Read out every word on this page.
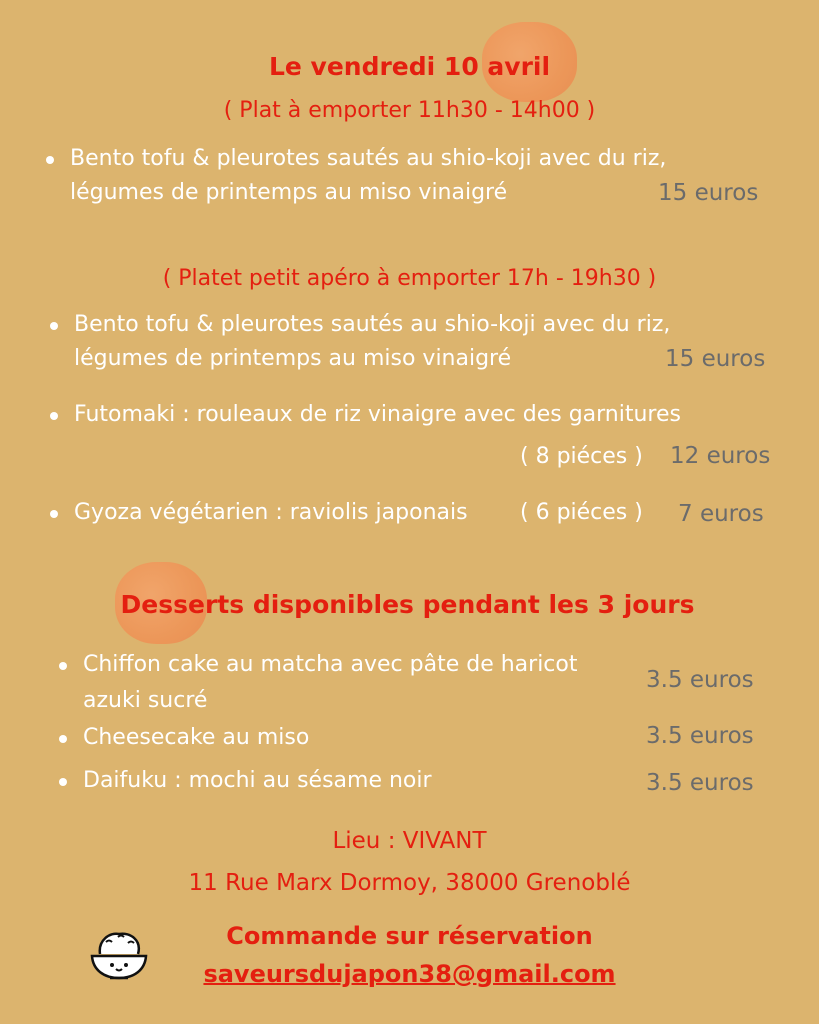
Le vendredi 10 avril
( Plat à emporter 11h30 - 14h00 )
Bento tofu & pleurotes sautés au shio-koji avec du riz,
légumes de printemps au miso vinaigré	15 euros
( Platet petit apéro à emporter 17h - 19h30 )
Bento tofu & pleurotes sautés au shio-koji avec du riz,
légumes de printemps au miso vinaigré	15 euros
Futomaki : rouleaux de riz vinaigre avec des garnitures
( 8 piéces ) 12 euros
Gyoza végétarien : raviolis japonais ( 6 piéces ) 7 euros
Desserts disponibles pendant les 3 jours
Chiffon cake au matcha avec pâte de haricot
azuki sucré
3.5 euros
Cheesecake au miso	3.5 euros
Daifuku : mochi au sésame noir	3.5 euros
Lieu : VIVANT
11 Rue Marx Dormoy, 38000 Grenoblé
Commande sur réservation
saveursdujapon38@gmail.com
